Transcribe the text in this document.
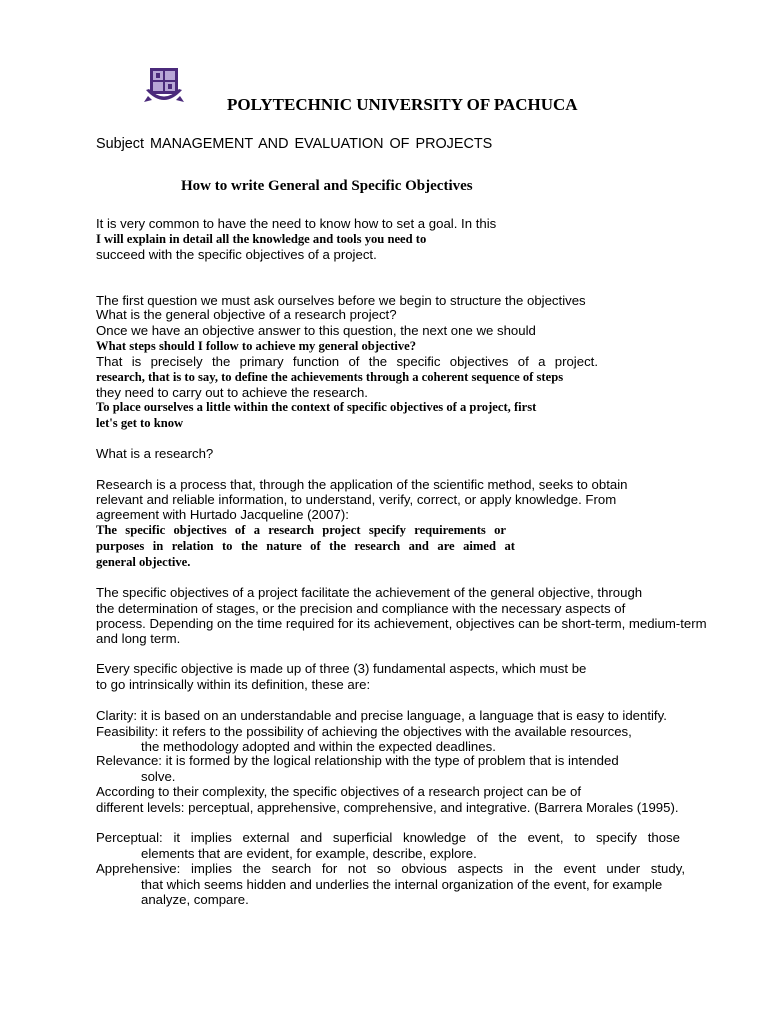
POLYTECHNIC UNIVERSITY OF PACHUCA
Subject MANAGEMENT AND EVALUATION OF PROJECTS
How to write General and Specific Objectives
It is very common to have the need to know how to set a goal. In this
I will explain in detail all the knowledge and tools you need to
succeed with the specific objectives of a project.
The first question we must ask ourselves before we begin to structure the objectives
What is the general objective of a research project?
Once we have an objective answer to this question, the next one we should
What steps should I follow to achieve my general objective?
That is precisely the primary function of the specific objectives of a project.
research, that is to say, to define the achievements through a coherent sequence of steps
they need to carry out to achieve the research.
To place ourselves a little within the context of specific objectives of a project, first
let's get to know
What is a research?
Research is a process that, through the application of the scientific method, seeks to obtain
relevant and reliable information, to understand, verify, correct, or apply knowledge. From
agreement with Hurtado Jacqueline (2007):
The specific objectives of a research project specify requirements or
purposes in relation to the nature of the research and are aimed at
general objective.
The specific objectives of a project facilitate the achievement of the general objective, through
the determination of stages, or the precision and compliance with the necessary aspects of
process. Depending on the time required for its achievement, objectives can be short-term, medium-term
and long term.
Every specific objective is made up of three (3) fundamental aspects, which must be
to go intrinsically within its definition, these are:
Clarity: it is based on an understandable and precise language, a language that is easy to identify.
Feasibility: it refers to the possibility of achieving the objectives with the available resources,
the methodology adopted and within the expected deadlines.
Relevance: it is formed by the logical relationship with the type of problem that is intended
solve.
According to their complexity, the specific objectives of a research project can be of
different levels: perceptual, apprehensive, comprehensive, and integrative. (Barrera Morales (1995).
Perceptual: it implies external and superficial knowledge of the event, to specify those
elements that are evident, for example, describe, explore.
Apprehensive: implies the search for not so obvious aspects in the event under study,
that which seems hidden and underlies the internal organization of the event, for example
analyze, compare.
